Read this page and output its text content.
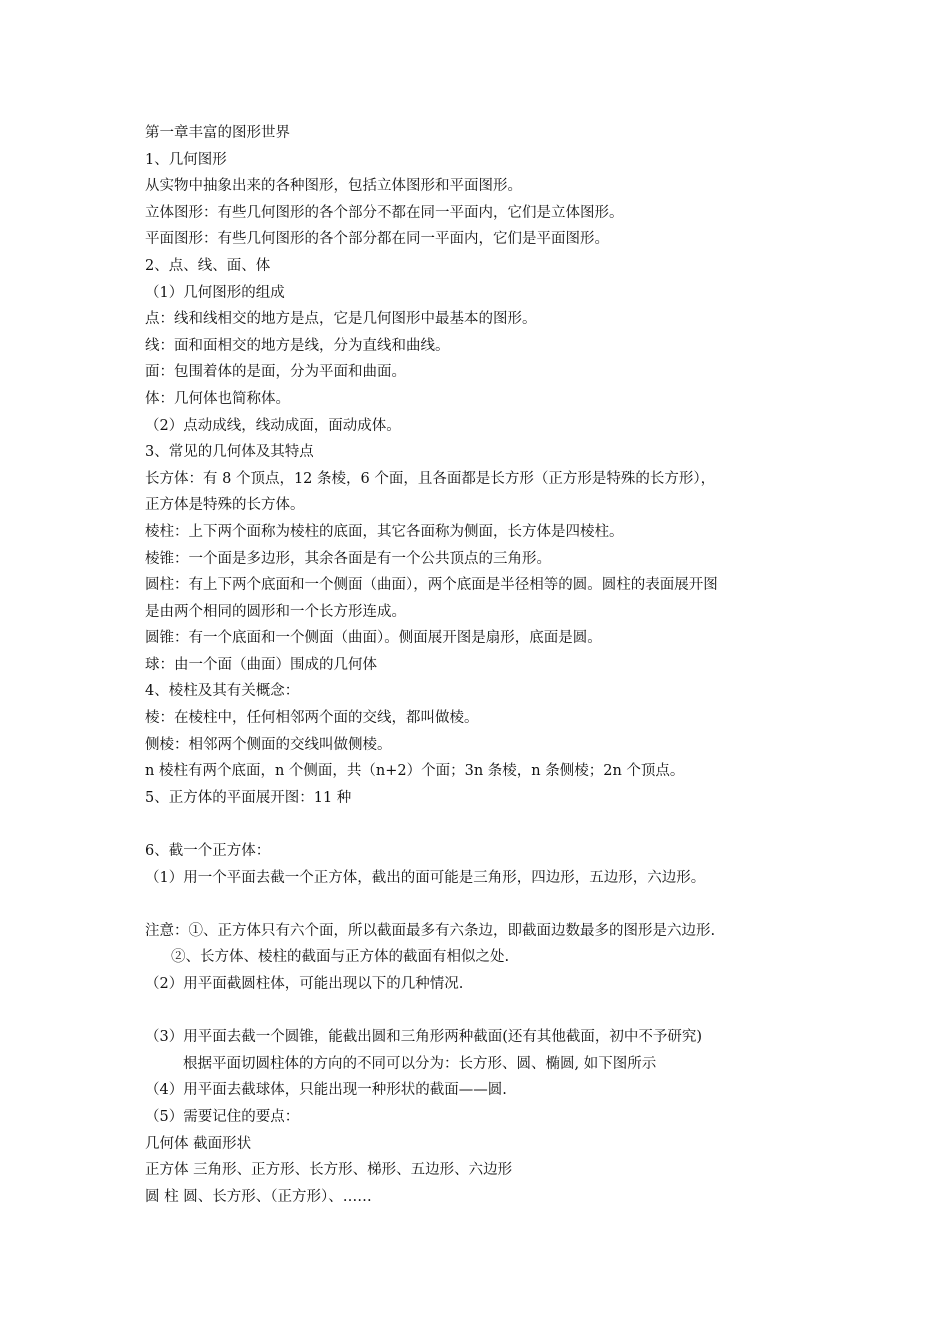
第一章丰富的图形世界
1、几何图形
从实物中抽象出来的各种图形，包括立体图形和平面图形。
立体图形：有些几何图形的各个部分不都在同一平面内，它们是立体图形。
平面图形：有些几何图形的各个部分都在同一平面内，它们是平面图形。
2、点、线、面、体
（1）几何图形的组成
点：线和线相交的地方是点，它是几何图形中最基本的图形。
线：面和面相交的地方是线，分为直线和曲线。
面：包围着体的是面，分为平面和曲面。
体：几何体也简称体。
（2）点动成线，线动成面，面动成体。
3、常见的几何体及其特点
长方体：有 8 个顶点，12 条棱，6 个面，且各面都是长方形（正方形是特殊的长方形），
正方体是特殊的长方体。
棱柱：上下两个面称为棱柱的底面，其它各面称为侧面，长方体是四棱柱。
棱锥：一个面是多边形，其余各面是有一个公共顶点的三角形。
圆柱：有上下两个底面和一个侧面（曲面），两个底面是半径相等的圆。圆柱的表面展开图
是由两个相同的圆形和一个长方形连成。
圆锥：有一个底面和一个侧面（曲面）。侧面展开图是扇形，底面是圆。
球：由一个面（曲面）围成的几何体
4、棱柱及其有关概念：
棱：在棱柱中，任何相邻两个面的交线，都叫做棱。
侧棱：相邻两个侧面的交线叫做侧棱。
n 棱柱有两个底面，n 个侧面，共（n+2）个面；3n 条棱，n 条侧棱；2n 个顶点。
5、正方体的平面展开图：11 种
6、截一个正方体：
（1）用一个平面去截一个正方体，截出的面可能是三角形，四边形，五边形，六边形。
注意：①、正方体只有六个面，所以截面最多有六条边，即截面边数最多的图形是六边形.
②、长方体、棱柱的截面与正方体的截面有相似之处.
（2）用平面截圆柱体，可能出现以下的几种情况.
（3）用平面去截一个圆锥，能截出圆和三角形两种截面(还有其他截面，初中不予研究)
根据平面切圆柱体的方向的不同可以分为：长方形、圆、椭圆, 如下图所示
（4）用平面去截球体，只能出现一种形状的截面——圆.
（5）需要记住的要点：
几何体 截面形状
正方体 三角形、正方形、长方形、梯形、五边形、六边形
圆 柱 圆、长方形、（正方形）、……
